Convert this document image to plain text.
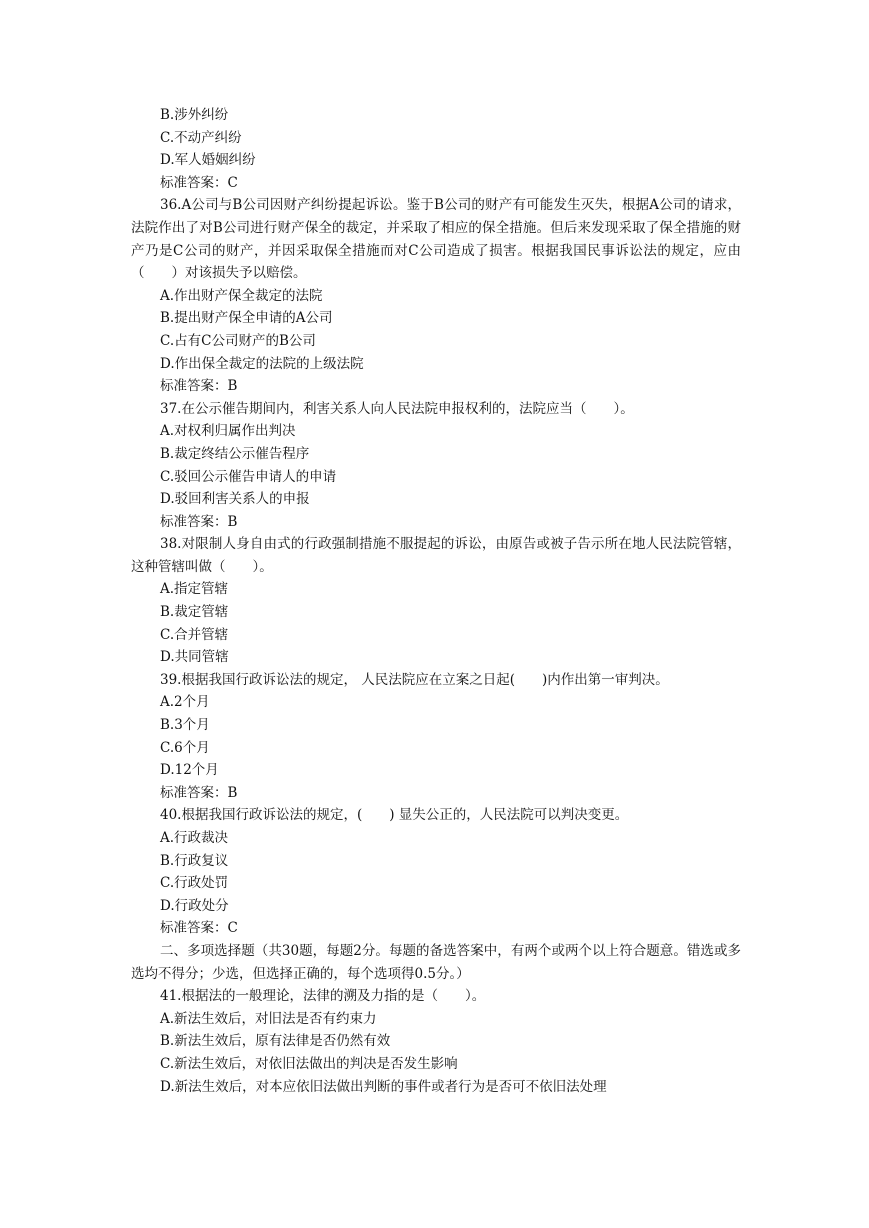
B.涉外纠纷
C.不动产纠纷
D.军人婚姻纠纷
标准答案：C
36.A公司与B公司因财产纠纷提起诉讼。鉴于B公司的财产有可能发生灭失，根据A公司的请求，法院作出了对B公司进行财产保全的裁定，并采取了相应的保全措施。但后来发现采取了保全措施的财产乃是C公司的财产，并因采取保全措施而对C公司造成了损害。根据我国民事诉讼法的规定，应由（　　）对该损失予以赔偿。
A.作出财产保全裁定的法院
B.提出财产保全申请的A公司
C.占有C公司财产的B公司
D.作出保全裁定的法院的上级法院
标准答案：B
37.在公示催告期间内，利害关系人向人民法院申报权利的，法院应当（　　）。
A.对权利归属作出判决
B.裁定终结公示催告程序
C.驳回公示催告申请人的申请
D.驳回利害关系人的申报
标准答案：B
38.对限制人身自由式的行政强制措施不服提起的诉讼，由原告或被子告示所在地人民法院管辖，这种管辖叫做（　　）。
A.指定管辖
B.裁定管辖
C.合并管辖
D.共同管辖
39.根据我国行政诉讼法的规定， 人民法院应在立案之日起(　　)内作出第一审判决。
A.2个月
B.3个月
C.6个月
D.12个月
标准答案：B
40.根据我国行政诉讼法的规定，(　　) 显失公正的，人民法院可以判决变更。
A.行政裁决
B.行政复议
C.行政处罚
D.行政处分
标准答案：C
二、多项选择题（共30题，每题2分。每题的备选答案中，有两个或两个以上符合题意。错选或多选均不得分；少选，但选择正确的，每个选项得0.5分。）
41.根据法的一般理论，法律的溯及力指的是（　　）。
A.新法生效后，对旧法是否有约束力
B.新法生效后，原有法律是否仍然有效
C.新法生效后，对依旧法做出的判决是否发生影响
D.新法生效后，对本应依旧法做出判断的事件或者行为是否可不依旧法处理
